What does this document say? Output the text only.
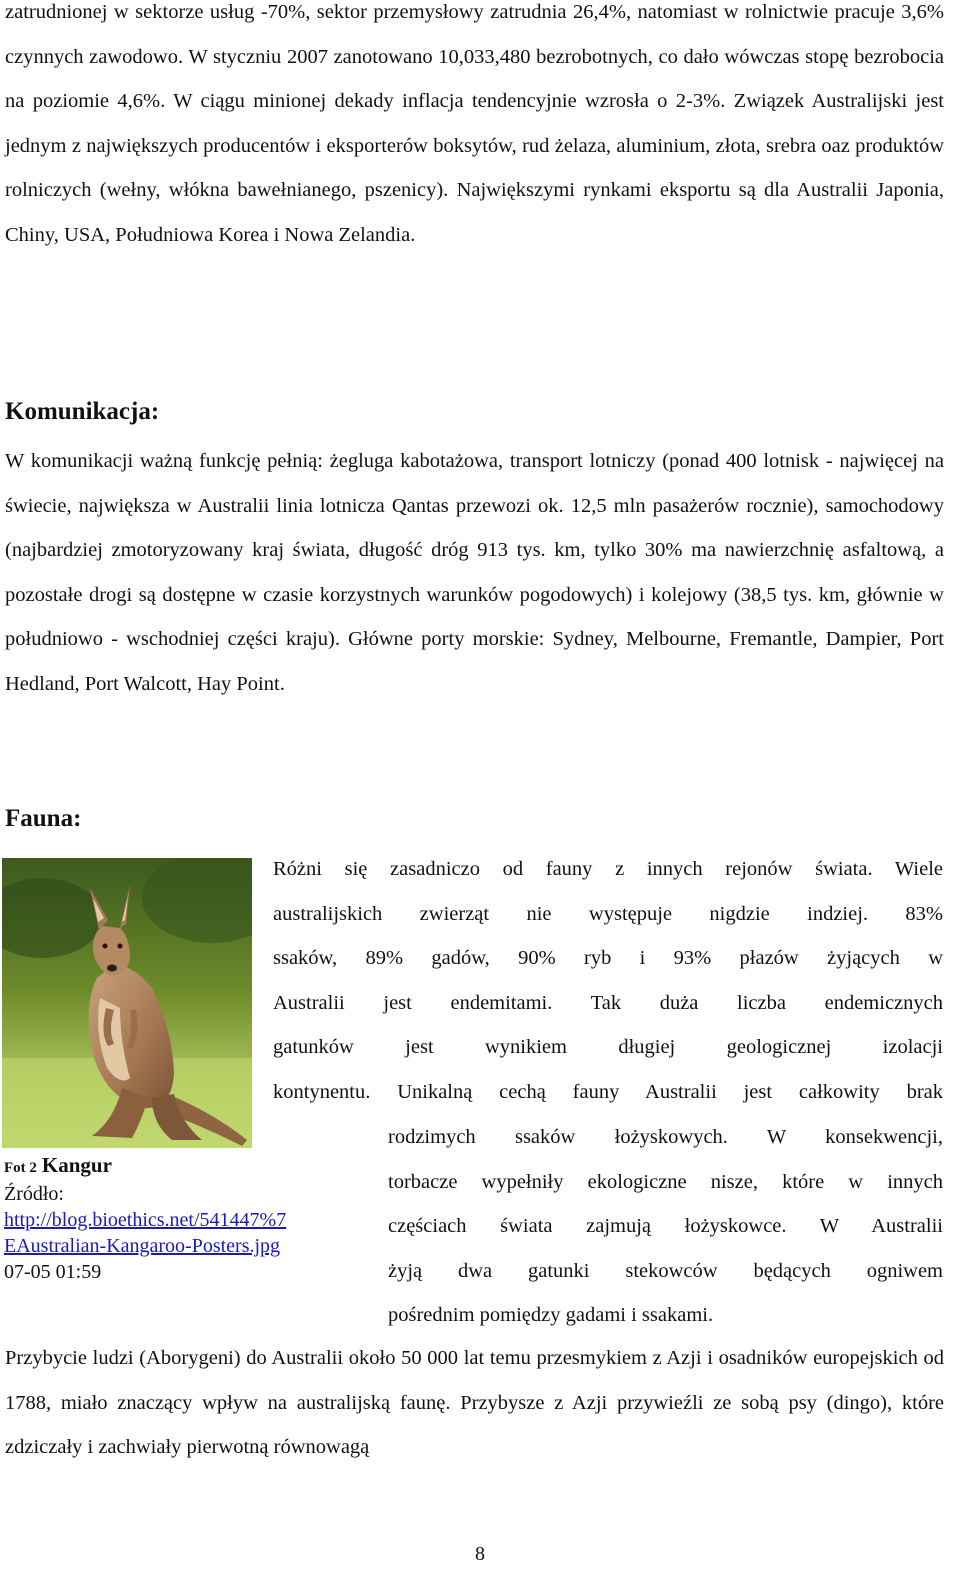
zatrudnionej w sektorze usług -70%, sektor przemysłowy zatrudnia 26,4%, natomiast w rolnictwie pracuje 3,6% czynnych zawodowo. W styczniu 2007 zanotowano 10,033,480 bezrobotnych, co dało wówczas stopę bezrobocia na poziomie 4,6%. W ciągu minionej dekady inflacja tendencyjnie wzrosła o 2-3%. Związek Australijski jest jednym z największych producentów i eksporterów boksytów, rud żelaza, aluminium, złota, srebra oaz produktów rolniczych (wełny, włókna bawełnianego, pszenicy). Największymi rynkami eksportu są dla Australii Japonia, Chiny, USA, Południowa Korea i Nowa Zelandia.

Komunikacja:

W komunikacji ważną funkcję pełnią: żegluga kabotażowa, transport lotniczy (ponad 400 lotnisk - najwięcej na świecie, największa w Australii linia lotnicza Qantas przewozi ok. 12,5 mln pasażerów rocznie), samochodowy (najbardziej zmotoryzowany kraj świata, długość dróg 913 tys. km, tylko 30% ma nawierzchnię asfaltową, a pozostałe drogi są dostępne w czasie korzystnych warunków pogodowych) i kolejowy (38,5 tys. km, głównie w południowo - wschodniej części kraju). Główne porty morskie: Sydney, Melbourne, Fremantle, Dampier, Port Hedland, Port Walcott, Hay Point.

Fauna:
Fot 2 Kangur
Źródło:
http://blog.bioethics.net/541447%7
EAustralian-Kangaroo-Posters.jpg
07-05 01:59
Różni się zasadniczo od fauny z innych rejonów świata. Wiele
australijskich zwierząt nie występuje nigdzie indziej. 83%
ssaków, 89% gadów, 90% ryb i 93% płazów żyjących w
Australii jest endemitami. Tak duża liczba endemicznych
gatunków jest wynikiem długiej geologicznej izolacji
kontynentu. Unikalną cechą fauny Australii jest całkowity brak
rodzimych ssaków łożyskowych. W konsekwencji,
torbacze wypełniły ekologiczne nisze, które w innych
częściach świata zajmują łożyskowce. W Australii
żyją dwa gatunki stekowców będących ogniwem
pośrednim pomiędzy gadami i ssakami.

Przybycie ludzi (Aborygeni) do Australii około 50 000 lat temu przesmykiem z Azji i osadników europejskich od 1788, miało znaczący wpływ na australijską faunę. Przybysze z Azji przywieźli ze sobą psy (dingo), które zdziczały i zachwiały pierwotną równowagą

8
